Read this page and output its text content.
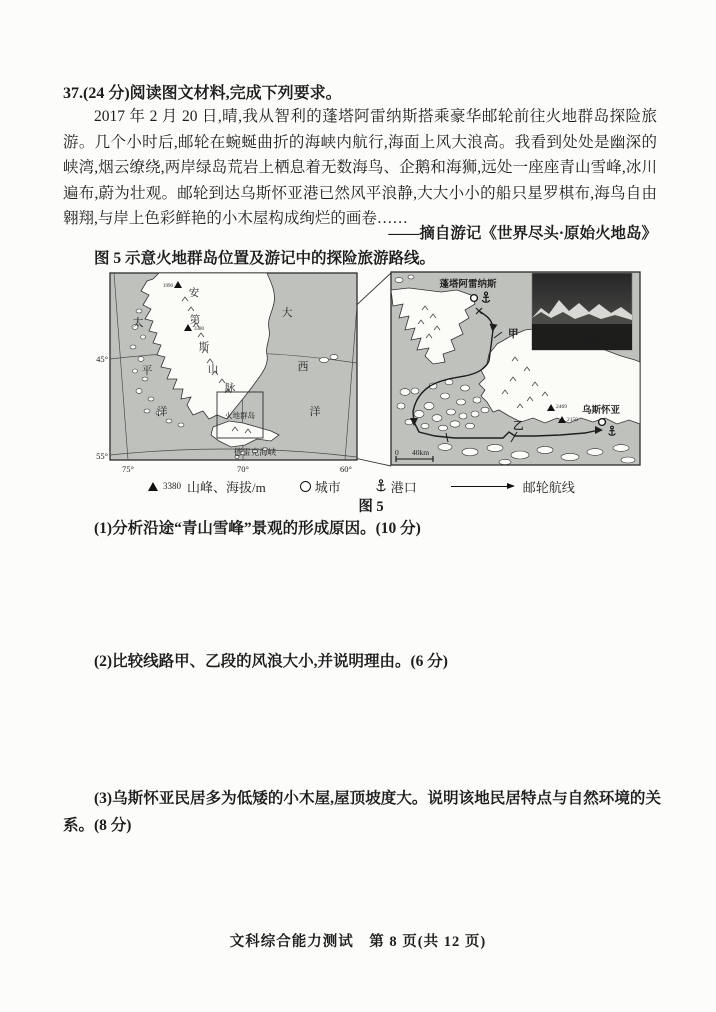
37.(24 分)阅读图文材料,完成下列要求。
2017 年 2 月 20 日,晴,我从智利的蓬塔阿雷纳斯搭乘豪华邮轮前往火地群岛探险旅游。几个小时后,邮轮在蜿蜒曲折的海峡内航行,海面上风大浪高。我看到处处是幽深的峡湾,烟云缭绕,两岸绿岛荒岩上栖息着无数海鸟、企鹅和海狮,远处一座座青山雪峰,冰川遍布,蔚为壮观。邮轮到达乌斯怀亚港已然风平浪静,大大小小的船只星罗棋布,海鸟自由翱翔,与岸上色彩鲜艳的小木屋构成绚烂的画卷……
——摘自游记《世界尽头·原始火地岛》
图 5 示意火地群岛位置及游记中的探险旅游路线。
1990
3380
安
第
斯
山
脉
太
平
洋
大
西
洋
火地群岛
德雷克海峡
45°
55°
75°	70°	60°
蓬塔阿雷纳斯
甲
乙
2469
2150
乌斯怀亚
0 40km
青山雪峰
3380 山峰、海拔/m	城市	港口	邮轮航线
图 5
(1)分析沿途“青山雪峰”景观的形成原因。(10 分)
(2)比较线路甲、乙段的风浪大小,并说明理由。(6 分)
(3)乌斯怀亚民居多为低矮的小木屋,屋顶坡度大。说明该地民居特点与自然环境的关系。(8 分)
文科综合能力测试　第 8 页(共 12 页)
